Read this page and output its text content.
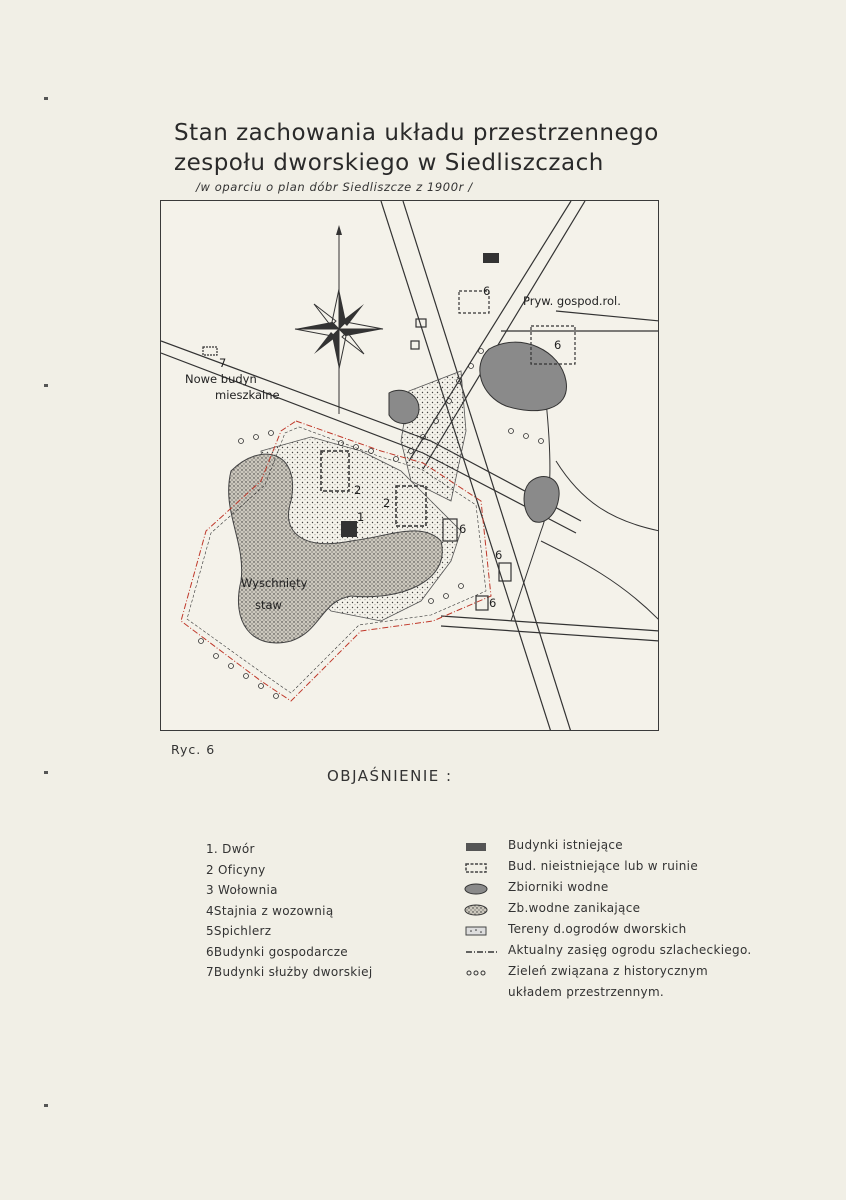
Stan zachowania układu przestrzennego
zespołu dworskiego w Siedliszczach
/w oparciu o plan dóbr Siedliszcze z 1900r /
Nowe budyn
mieszkalne
Wyschnięty
staw
Pryw. gospod.rol.
1
2
2
6
6
6
6
6
7
Ryc. 6
OBJAŚNIENIE :
1. Dwór
2 Oficyny
3 Wołownia
4Stajnia z wozownią
5Spichlerz
6Budynki gospodarcze
7Budynki służby dworskiej
Budynki istniejące
Bud. nieistniejące lub w ruinie
Zbiorniki wodne
Zb.wodne zanikające
Tereny d.ogrodów dworskich
Aktualny zasięg ogrodu szlacheckiego.
Zieleń związana z historycznym
układem przestrzennym.
